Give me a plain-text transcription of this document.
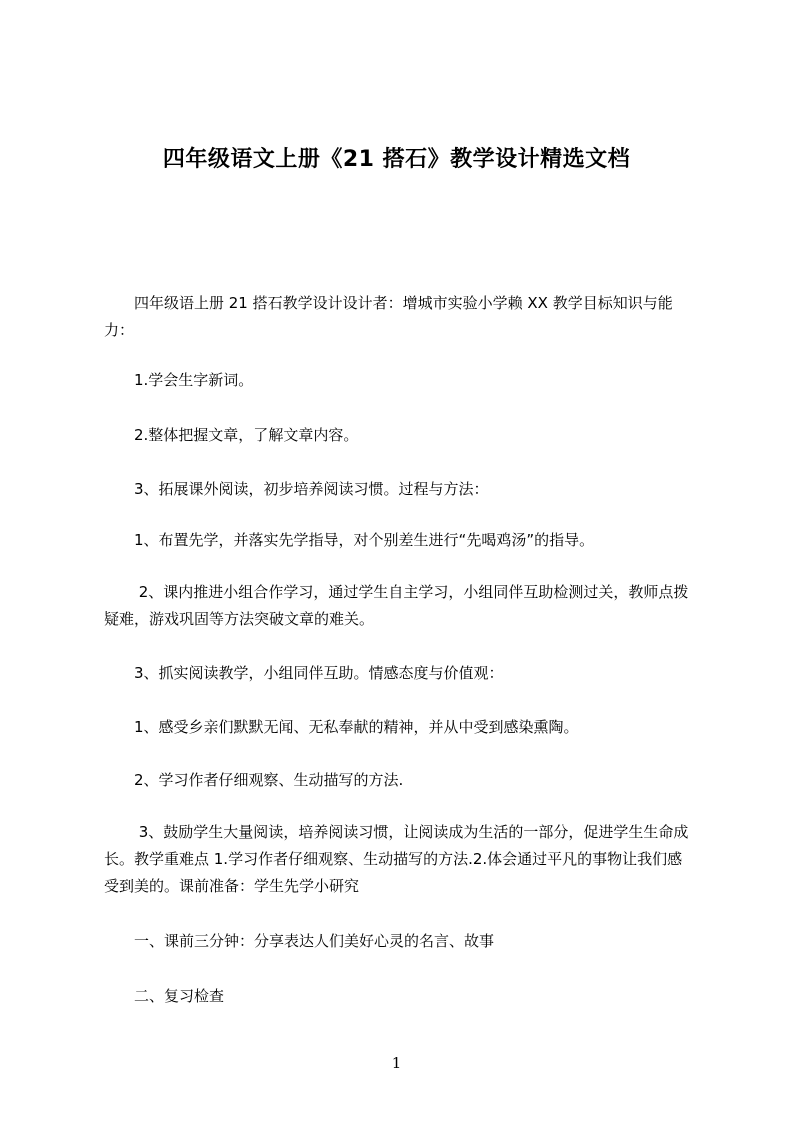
四年级语文上册《21 搭石》教学设计精选文档

　　四年级语上册 21 搭石教学设计设计者：增城市实验小学赖 XX 教学目标知识与能力：

　　1.学会生字新词。

　　2.整体把握文章，了解文章内容。

　　3、拓展课外阅读，初步培养阅读习惯。过程与方法：

　　1、布置先学，并落实先学指导，对个别差生进行“先喝鸡汤”的指导。

　　 2、课内推进小组合作学习，通过学生自主学习，小组同伴互助检测过关，教师点拨疑难，游戏巩固等方法突破文章的难关。

　　3、抓实阅读教学，小组同伴互助。情感态度与价值观：

　　1、感受乡亲们默默无闻、无私奉献的精神，并从中受到感染熏陶。

　　2、学习作者仔细观察、生动描写的方法.

　　 3、鼓励学生大量阅读，培养阅读习惯，让阅读成为生活的一部分，促进学生生命成长。教学重难点 1.学习作者仔细观察、生动描写的方法.2.体会通过平凡的事物让我们感受到美的。课前准备：学生先学小研究

　　一、课前三分钟：分享表达人们美好心灵的名言、故事

　　二、复习检查

1
